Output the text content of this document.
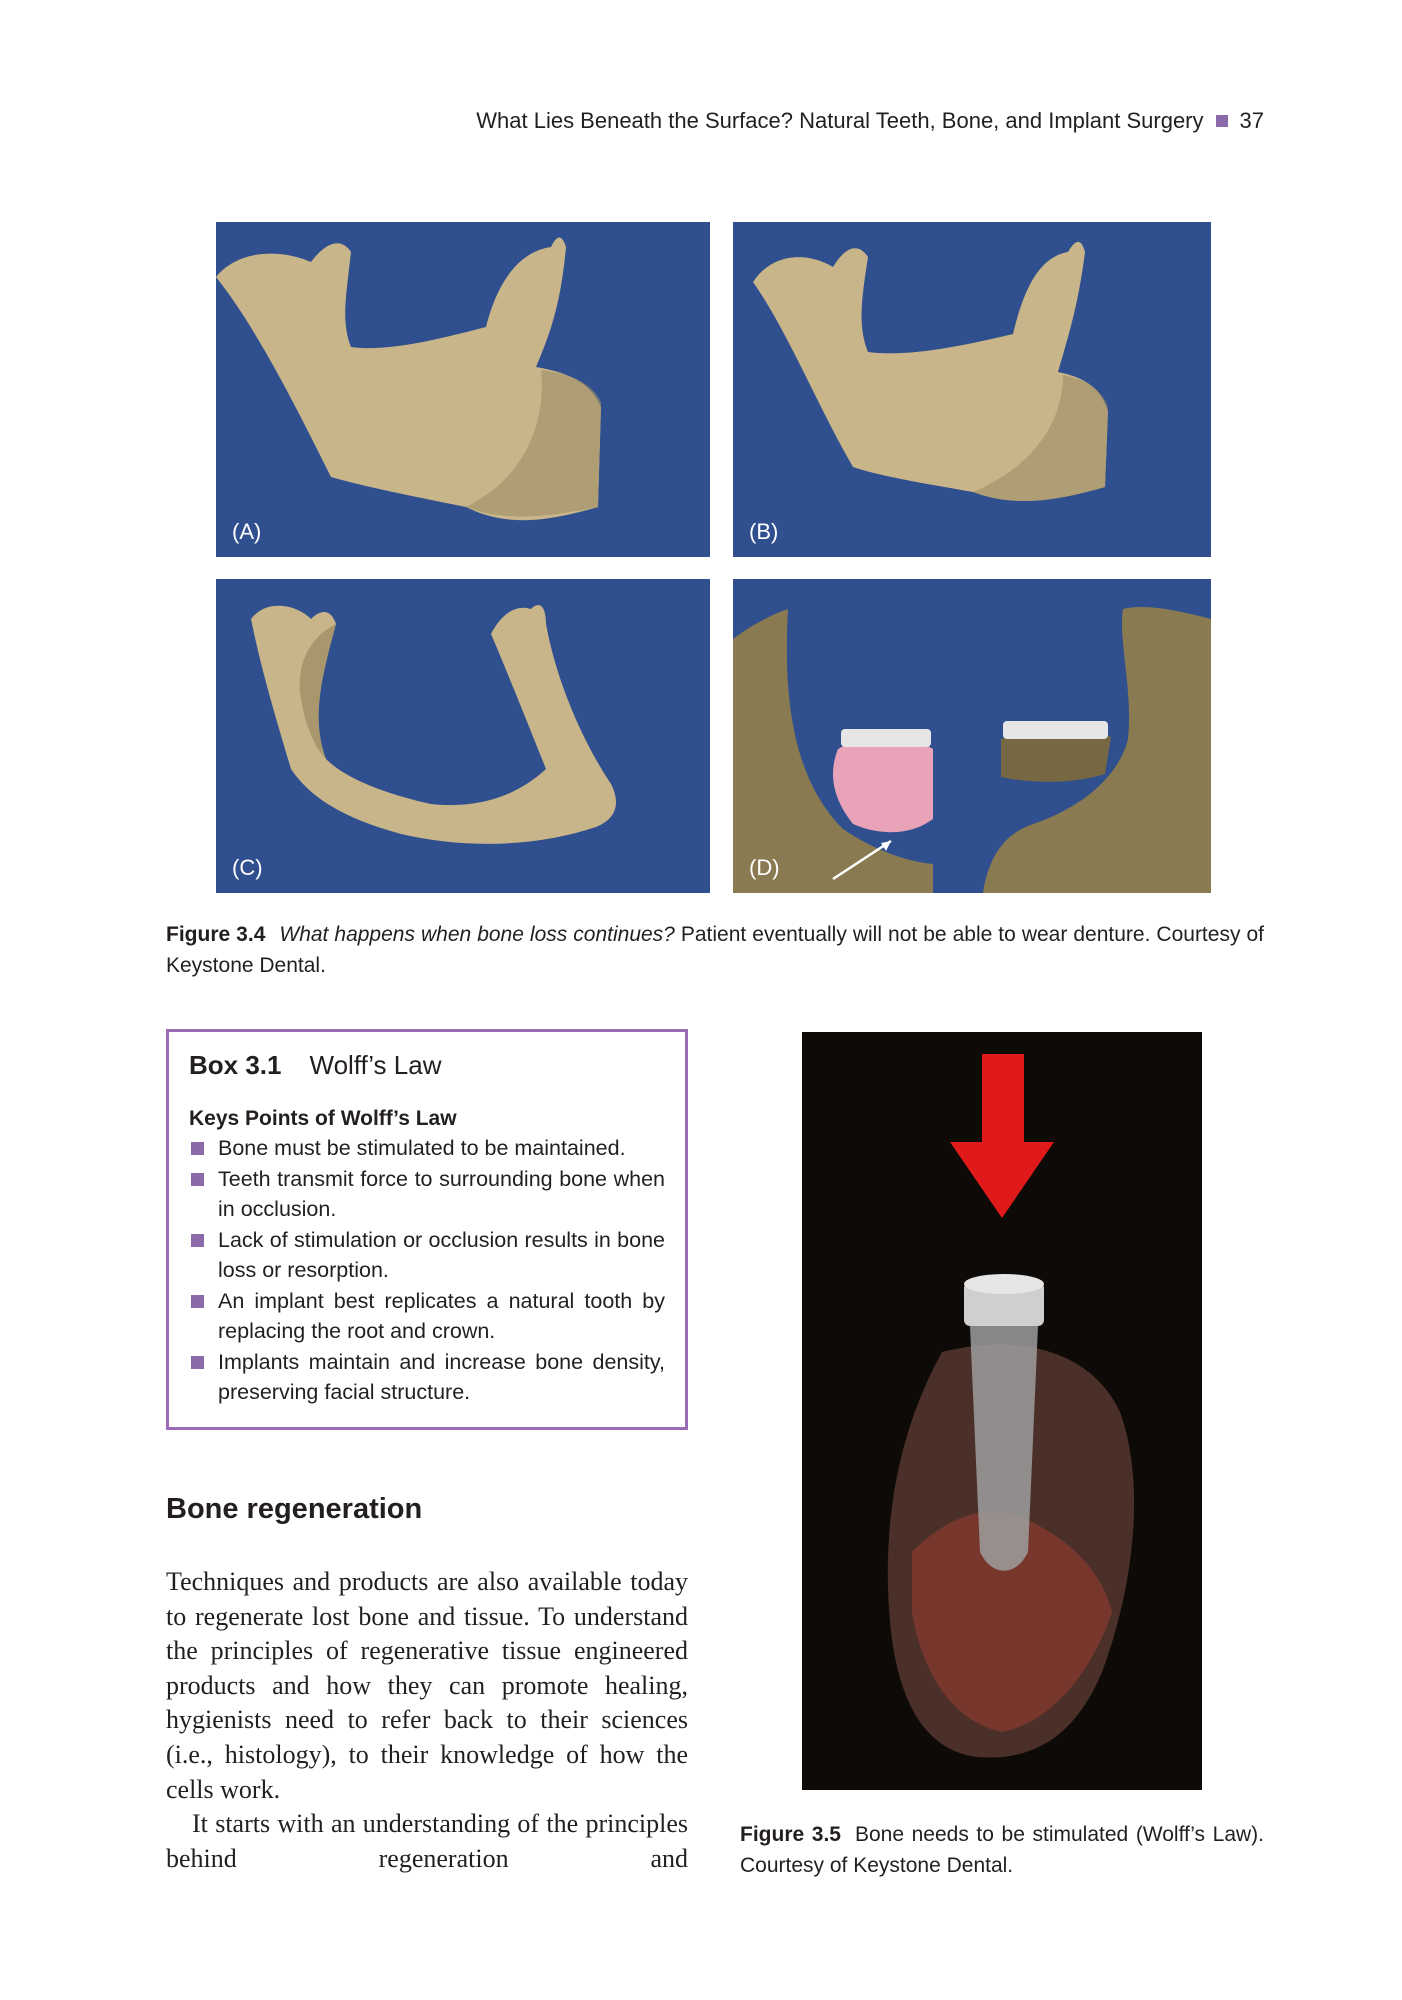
What Lies Beneath the Surface? Natural Teeth, Bone, and Implant Surgery 37
(A)	(B)
(C)	(D)
Figure 3.4 What happens when bone loss continues? Patient eventually will not be able to wear denture. Courtesy of Keystone Dental.
Box 3.1 Wolff’s Law
Keys Points of Wolff’s Law
Bone must be stimulated to be maintained.
Teeth transmit force to surrounding bone when in occlusion.
Lack of stimulation or occlusion results in bone loss or resorption.
An implant best replicates a natural tooth by replacing the root and crown.
Implants maintain and increase bone density, preserving facial structure.
Figure 3.5 Bone needs to be stimulated (Wolff’s Law). Courtesy of Keystone Dental.
Bone regeneration

Techniques and products are also available today to regenerate lost bone and tissue. To understand the principles of regenerative tissue engineered products and how they can promote healing, hygienists need to refer back to their sciences (i.e., histology), to their knowledge of how the cells work.

It starts with an understanding of the principles behind regeneration and
